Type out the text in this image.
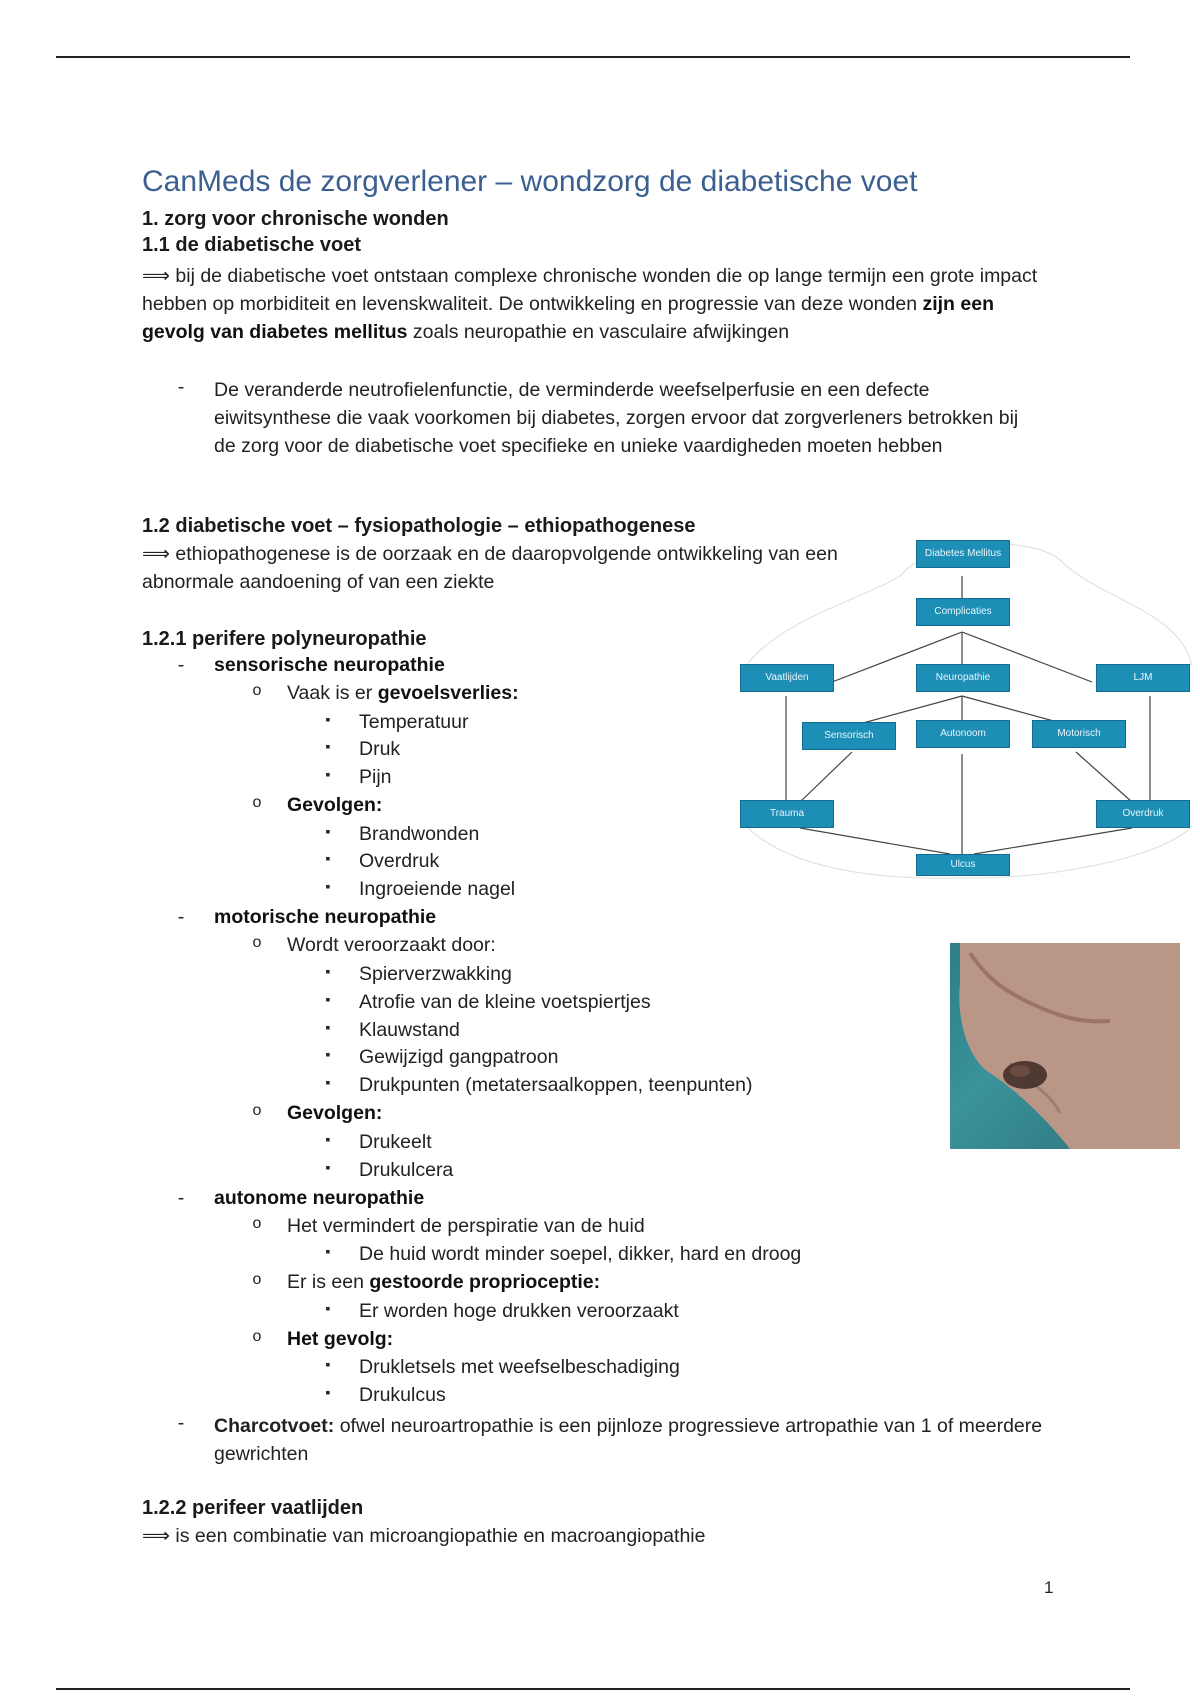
CanMeds de zorgverlener – wondzorg de diabetische voet
1. zorg voor chronische wonden
1.1 de diabetische voet

⟹ bij de diabetische voet ontstaan complexe chronische wonden die op lange termijn een grote impact hebben op morbiditeit en levenskwaliteit. De ontwikkeling en progressie van deze wonden zijn een gevolg van diabetes mellitus zoals neuropathie en vasculaire afwijkingen

- De veranderde neutrofielenfunctie, de verminderde weefselperfusie en een defecte eiwitsynthese die vaak voorkomen bij diabetes, zorgen ervoor dat zorgverleners betrokken bij de zorg voor de diabetische voet specifieke en unieke vaardigheden moeten hebben

1.2 diabetische voet – fysiopathologie – ethiopathogenese

⟹ ethiopathogenese is de oorzaak en de daaropvolgende ontwikkeling van een abnormale aandoening of van een ziekte

1.2.1 perifere polyneuropathie
- sensorische neuropathie
o Vaak is er gevoelsverlies:
▪ Temperatuur
▪ Druk
▪ Pijn
o Gevolgen:
▪ Brandwonden
▪ Overdruk
▪ Ingroeiende nagel
- motorische neuropathie
o Wordt veroorzaakt door:
▪ Spierverzwakking
▪ Atrofie van de kleine voetspiertjes
▪ Klauwstand
▪ Gewijzigd gangpatroon
▪ Drukpunten (metatersaalkoppen, teenpunten)
o Gevolgen:
▪ Drukeelt
▪ Drukulcera
- autonome neuropathie
o Het vermindert de perspiratie van de huid
▪ De huid wordt minder soepel, dikker, hard en droog
o Er is een gestoorde proprioceptie:
▪ Er worden hoge drukken veroorzaakt
o Het gevolg:
▪ Drukletsels met weefselbeschadiging
▪ Drukulcus
- Charcotvoet: ofwel neuroartropathie is een pijnloze progressieve artropathie van 1 of meerdere gewrichten

1.2.2 perifeer vaatlijden

⟹ is een combinatie van microangiopathie en macroangiopathie

Diabetes Mellitus
Complicaties
Vaatlijden	Neuropathie	LJM
Sensorisch	Autonoom	Motorisch
Trauma	Overdruk
Ulcus
1
